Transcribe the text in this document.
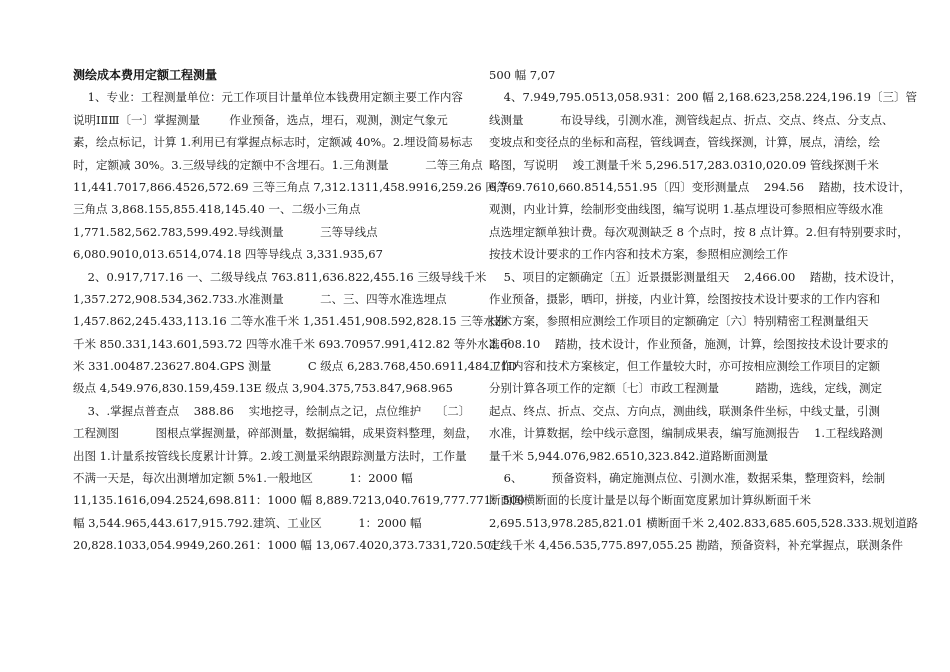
测绘成本费用定额工程测量
1、专业：工程测量单位：元工作项目计量单位本钱费用定额主要工作内容
说明ⅠⅡⅢ〔一〕掌握测量        作业预备，选点，埋石，观测，测定气象元
素，绘点标记，计算 1.利用已有掌握点标志时，定额减 40%。2.埋设简易标志
时，定额减 30%。3.三级导线的定额中不含埋石。1.三角测量          二等三角点
11,441.7017,866.4526,572.69 三等三角点 7,312.1311,458.9916,259.26 四等
三角点 3,868.155,855.418,145.40 一、二级小三角点
1,771.582,562.783,599.492.导线测量          三等导线点
6,080.9010,013.6514,074.18 四等导线点 3,331.935,67
2、0.917,717.16 一、二级导线点 763.811,636.822,455.16 三级导线千米
1,357.272,908.534,362.733.水准测量          二、三、四等水准选埋点
1,457.862,245.433,113.16 二等水准千米 1,351.451,908.592,828.15 三等水准
千米 850.331,143.601,593.72 四等水准千米 693.70957.991,412.82 等外水准千
米 331.00487.23627.804.GPS 测量          C 级点 6,283.768,450.6911,484.71D
级点 4,549.976,830.159,459.13E 级点 3,904.375,753.847,968.965
3、.掌握点普查点    388.86    实地挖寻，绘制点之记，点位维护    〔二〕
工程测图          图根点掌握测量，碎部测量，数据编辑，成果资料整理，刻盘，
出图 1.计量系按管线长度累计计算。2.竣工测量采纳跟踪测量方法时，工作量
不满一天是，每次出测增加定额 5%1.一般地区          1：2000 幅
11,135.1616,094.2524,698.811：1000 幅 8,889.7213,040.7619,777.771：500
幅 3,544.965,443.617,915.792.建筑、工业区          1：2000 幅
20,828.1033,054.9949,260.261：1000 幅 13,067.4020,373.7331,720.501：
500 幅 7,07
4、7.949,795.0513,058.931：200 幅 2,168.623,258.224,196.19〔三〕管
线测量          布设导线，引测水准，测管线起点、折点、交点、终点、分支点、
变坡点和变径点的坐标和高程，管线调查，管线探测，计算，展点，清绘，绘
略图，写说明    竣工测量千米 5,296.517,283.0310,020.09 管线探测千米
6,769.7610,660.8514,551.95〔四〕变形测量点    294.56    踏勘，技术设计，
观测，内业计算，绘制形变曲线图，编写说明 1.基点埋设可参照相应等级水准
点选埋定额单独计费。每次观测缺乏 8 个点时，按 8 点计算。2.但有特别要求时，
按技术设计要求的工作内容和技术方案，参照相应测绘工作
5、项目的定额确定〔五〕近景摄影测量组天    2,466.00    踏勘，技术设计，
作业预备，摄影，晒印，拼接，内业计算，绘图按技术设计要求的工作内容和
技术方案，参照相应测绘工作项目的定额确定〔六〕特别精密工程测量组天
2,608.10    踏勘，技术设计，作业预备，施测，计算，绘图按技术设计要求的
工作内容和技术方案核定，但工作量较大时，亦可按相应测绘工作项目的定额
分别计算各项工作的定额〔七〕市政工程测量          踏勘，选线，定线，测定
起点、终点、折点、交点、方向点，测曲线，联测条件坐标，中线丈量，引测
水准，计算数据，绘中线示意图，编制成果表，编写施测报告    1.工程线路测
量千米 5,944.076,982.6510,323.842.道路断面测量
6、        预备资料，确定施测点位、引测水准，数据采集，整理资料，绘制
断面图横断面的长度计量是以每个断面宽度累加计算纵断面千米
2,695.513,978.285,821.01 横断面千米 2,402.833,685.605,528.333.规划道路
定线千米 4,456.535,775.897,055.25 勘踏，预备资料，补充掌握点，联测条件
